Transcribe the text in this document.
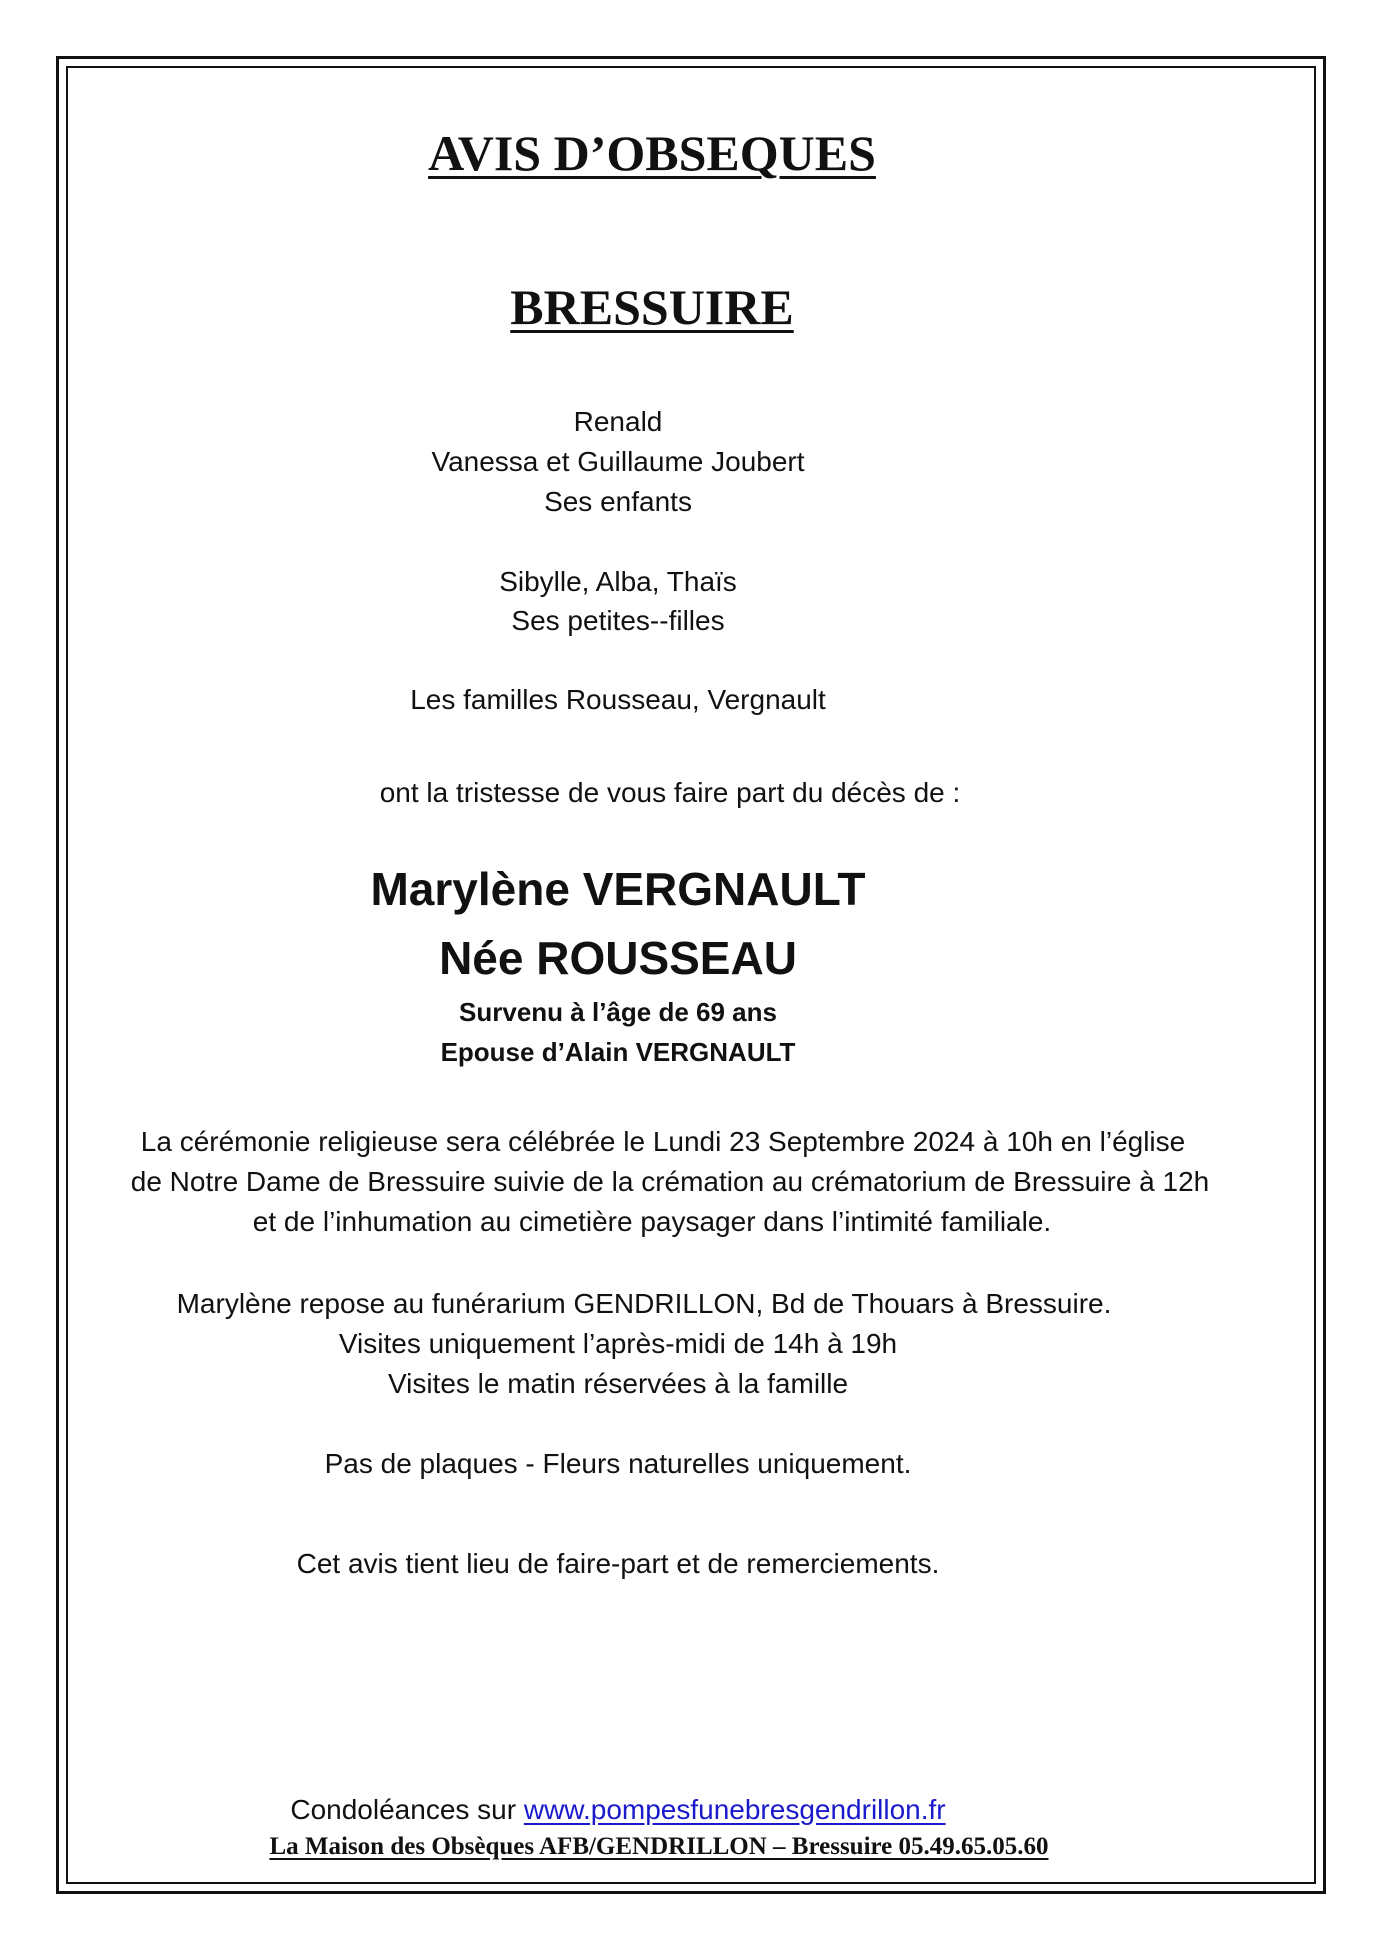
AVIS D’OBSEQUES
BRESSUIRE
Renald
Vanessa et Guillaume Joubert
Ses enfants
Sibylle, Alba, Thaïs
Ses petites--filles
Les familles Rousseau, Vergnault
ont la tristesse de vous faire part du décès de :
Marylène VERGNAULT
Née ROUSSEAU
Survenu à l’âge de 69 ans
Epouse d’Alain VERGNAULT
La cérémonie religieuse sera célébrée le Lundi 23 Septembre 2024 à 10h en l’église
de Notre Dame de Bressuire suivie de la crémation au crématorium de Bressuire à 12h
et de l’inhumation au cimetière paysager dans l’intimité familiale.
Marylène repose au funérarium GENDRILLON, Bd de Thouars à Bressuire.
Visites uniquement l’après-midi de 14h à 19h
Visites le matin réservées à la famille
Pas de plaques - Fleurs naturelles uniquement.
Cet avis tient lieu de faire-part et de remerciements.
Condoléances sur www.pompesfunebresgendrillon.fr
La Maison des Obsèques AFB/GENDRILLON – Bressuire 05.49.65.05.60
